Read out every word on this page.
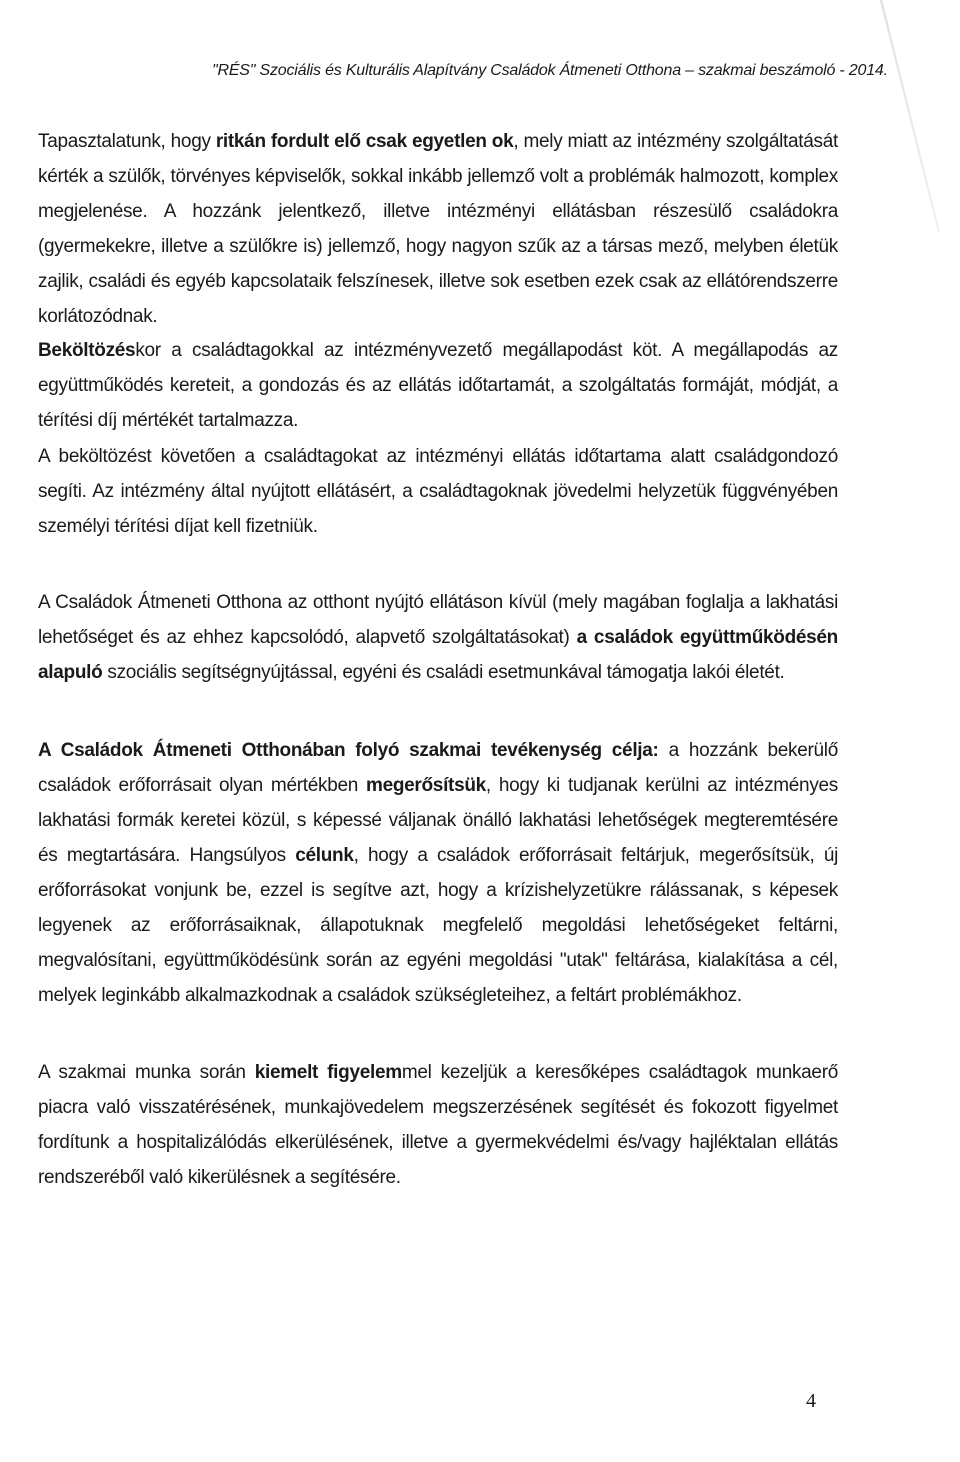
"RÉS" Szociális és Kulturális Alapítvány Családok Átmeneti Otthona – szakmai beszámoló - 2014.

Tapasztalatunk, hogy ritkán fordult elő csak egyetlen ok, mely miatt az intézmény szolgáltatását kérték a szülők, törvényes képviselők, sokkal inkább jellemző volt a problémák halmozott, komplex megjelenése. A hozzánk jelentkező, illetve intézményi ellátásban részesülő családokra (gyermekekre, illetve a szülőkre is) jellemző, hogy nagyon szűk az a társas mező, melyben életük zajlik, családi és egyéb kapcsolataik felszínesek, illetve sok esetben ezek csak az ellátórendszerre korlátozódnak.

Beköltözéskor a családtagokkal az intézményvezető megállapodást köt. A megállapodás az együttműködés kereteit, a gondozás és az ellátás időtartamát, a szolgáltatás formáját, módját, a térítési díj mértékét tartalmazza.

A beköltözést követően a családtagokat az intézményi ellátás időtartama alatt családgondozó segíti. Az intézmény által nyújtott ellátásért, a családtagoknak jövedelmi helyzetük függvényében személyi térítési díjat kell fizetniük.

A Családok Átmeneti Otthona az otthont nyújtó ellátáson kívül (mely magában foglalja a lakhatási lehetőséget és az ehhez kapcsolódó, alapvető szolgáltatásokat) a családok együttműködésén alapuló szociális segítségnyújtással, egyéni és családi esetmunkával támogatja lakói életét.

A Családok Átmeneti Otthonában folyó szakmai tevékenység célja: a hozzánk bekerülő családok erőforrásait olyan mértékben megerősítsük, hogy ki tudjanak kerülni az intézményes lakhatási formák keretei közül, s képessé váljanak önálló lakhatási lehetőségek megteremtésére és megtartására. Hangsúlyos célunk, hogy a családok erőforrásait feltárjuk, megerősítsük, új erőforrásokat vonjunk be, ezzel is segítve azt, hogy a krízishelyzetükre rálássanak, s képesek legyenek az erőforrásaiknak, állapotuknak megfelelő megoldási lehetőségeket feltárni, megvalósítani, együttműködésünk során az egyéni megoldási "utak" feltárása, kialakítása a cél, melyek leginkább alkalmazkodnak a családok szükségleteihez, a feltárt problémákhoz.

A szakmai munka során kiemelt figyelemmel kezeljük a keresőképes családtagok munkaerő piacra való visszatérésének, munkajövedelem megszerzésének segítését és fokozott figyelmet fordítunk a hospitalizálódás elkerülésének, illetve a gyermekvédelmi és/vagy hajléktalan ellátás rendszeréből való kikerülésnek a segítésére.

4
